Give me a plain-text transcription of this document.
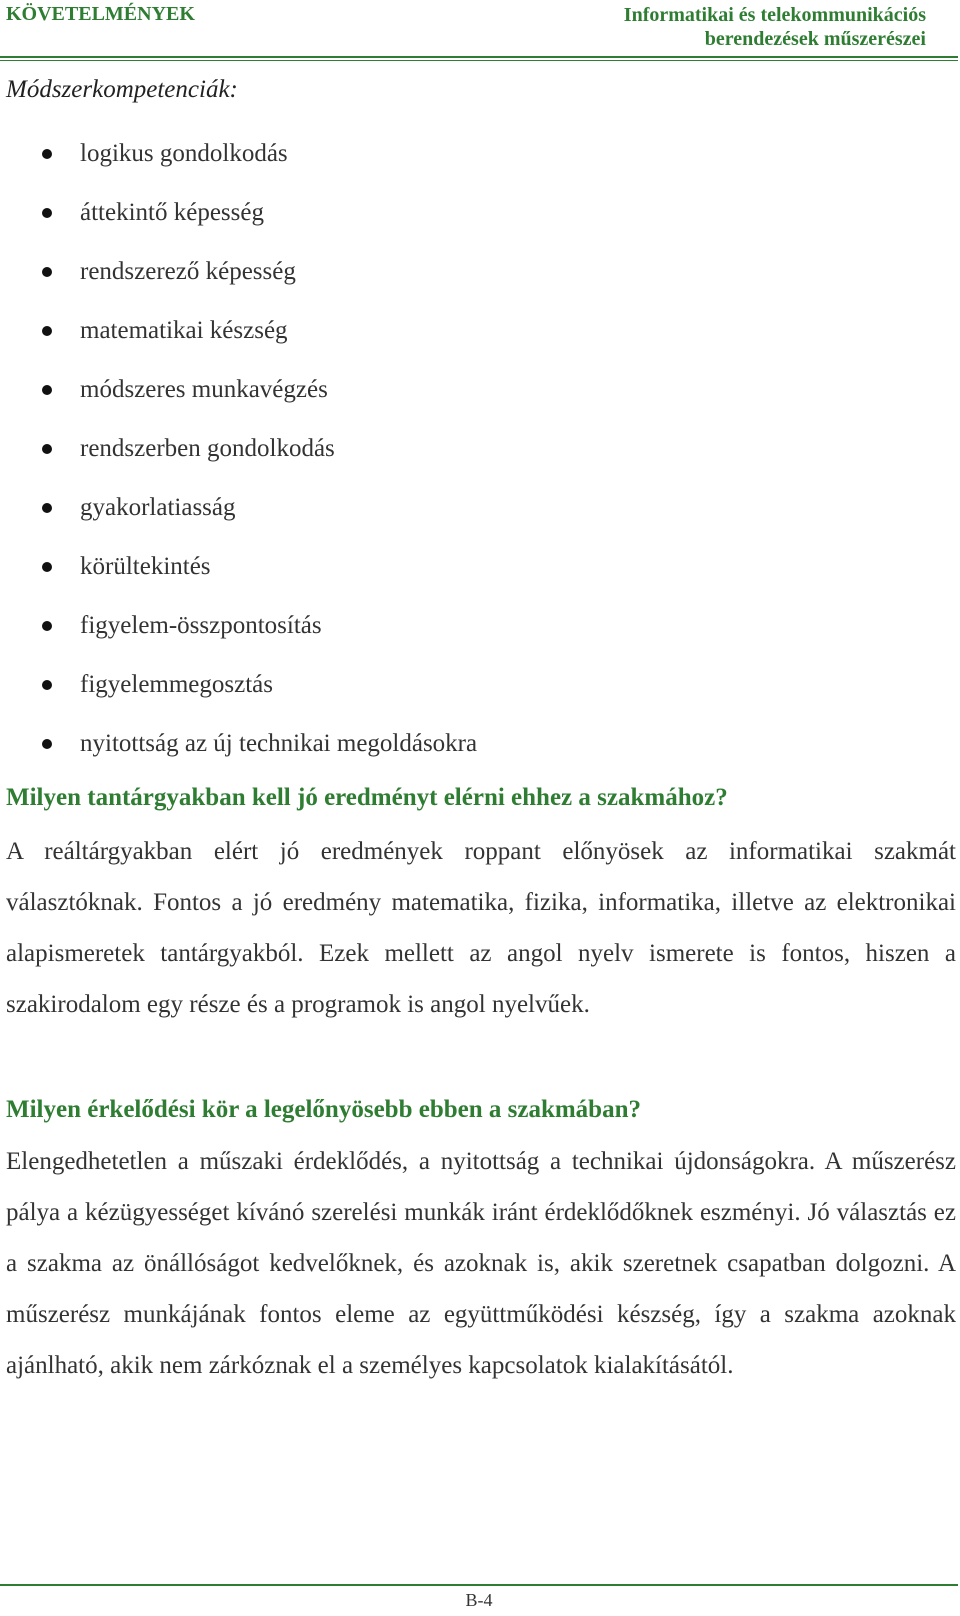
KÖVETELMÉNYEK	Informatikai és telekommunikációs
berendezések műszerészei
Módszerkompetenciák:
logikus gondolkodás
áttekintő képesség
rendszerező képesség
matematikai készség
módszeres munkavégzés
rendszerben gondolkodás
gyakorlatiasság
körültekintés
figyelem-összpontosítás
figyelemmegosztás
nyitottság az új technikai megoldásokra
Milyen tantárgyakban kell jó eredményt elérni ehhez a szakmához?

A reáltárgyakban elért jó eredmények roppant előnyösek az informatikai szakmát választóknak. Fontos a jó eredmény matematika, fizika, informatika, illetve az elektronikai alapismeretek tantárgyakból. Ezek mellett az angol nyelv ismerete is fontos, hiszen a szakirodalom egy része és a programok is angol nyelvűek.

Milyen érkelődési kör a legelőnyösebb ebben a szakmában?

Elengedhetetlen a műszaki érdeklődés, a nyitottság a technikai újdonságokra. A műszerész pálya a kézügyességet kívánó szerelési munkák iránt érdeklődőknek eszményi. Jó választás ez a szakma az önállóságot kedvelőknek, és azoknak is, akik szeretnek csapatban dolgozni. A műszerész munkájának fontos eleme az együttműködési készség, így a szakma azoknak ajánlható, akik nem zárkóznak el a személyes kapcsolatok kialakításától.

B-4
